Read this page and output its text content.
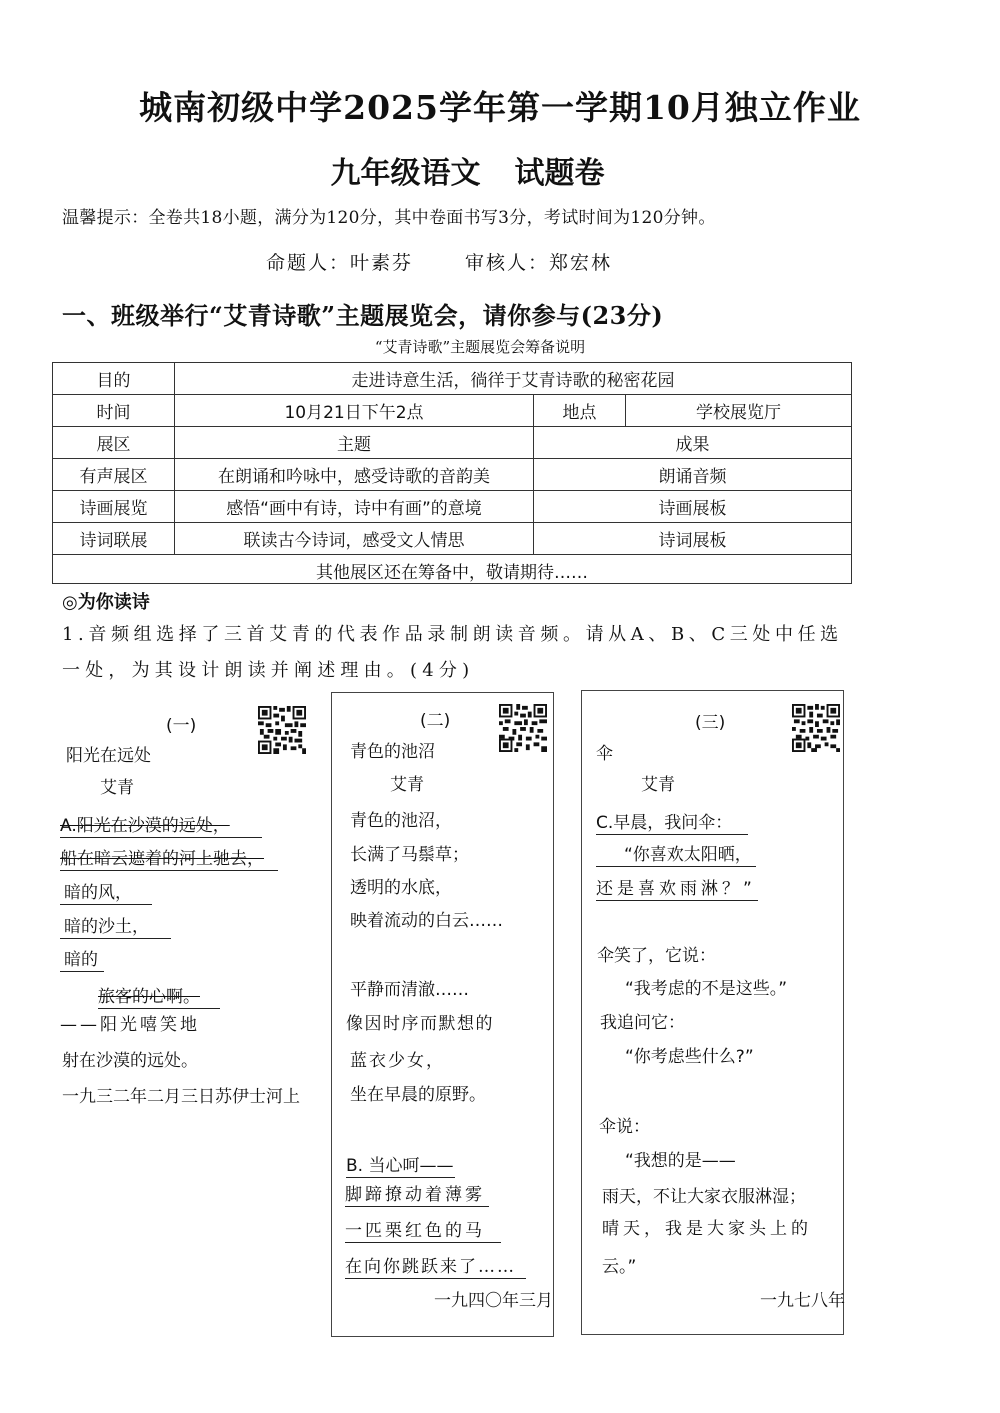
城南初级中学2025学年第一学期10月独立作业
九年级语文 试题卷
温馨提示：全卷共18小题，满分为120分，其中卷面书写3分，考试时间为120分钟。
命题人：叶素芬	审核人：郑宏林
一、班级举行“艾青诗歌”主题展览会，请你参与(23分)
“艾青诗歌”主题展览会筹备说明
目的	走进诗意生活，徜徉于艾青诗歌的秘密花园		
时间	10月21日下午2点	地点	学校展览厅
展区	主题	成果	
有声展区	在朗诵和吟咏中，感受诗歌的音韵美	朗诵音频	
诗画展览	感悟“画中有诗，诗中有画”的意境	诗画展板	
诗词联展	联读古今诗词，感受文人情思	诗词展板	
其他展区还在筹备中，敬请期待……			
◎为你读诗
1.音频组选择了三首艾青的代表作品录制朗读音频。请从A、B、C三处中任选
一处，为其设计朗读并阐述理由。(4分)
(一)
阳光在远处
艾青
A.阳光在沙漠的远处，
船在暗云遮着的河上驰去，
暗的风，
暗的沙土，
暗的
旅客的心啊。
——阳光嘻笑地
射在沙漠的远处。
一九三二年二月三日苏伊士河上
(二)
青色的池沼
艾青
青色的池沼，
长满了马鬃草；
透明的水底，
映着流动的白云……
平静而清澈……
像因时序而默想的
蓝衣少女，
坐在早晨的原野。
B. 当心呵——
脚蹄撩动着薄雾
一匹栗红色的马
在向你跳跃来了……
一九四〇年三月
(三)
伞
艾青
C.早晨，我问伞：
“你喜欢太阳晒，
还是喜欢雨淋？”
伞笑了，它说：
“我考虑的不是这些。”
我追问它：
“你考虑些什么?”
伞说：
“我想的是——
雨天，不让大家衣服淋湿；
晴天，我是大家头上的
云。”
一九七八年
